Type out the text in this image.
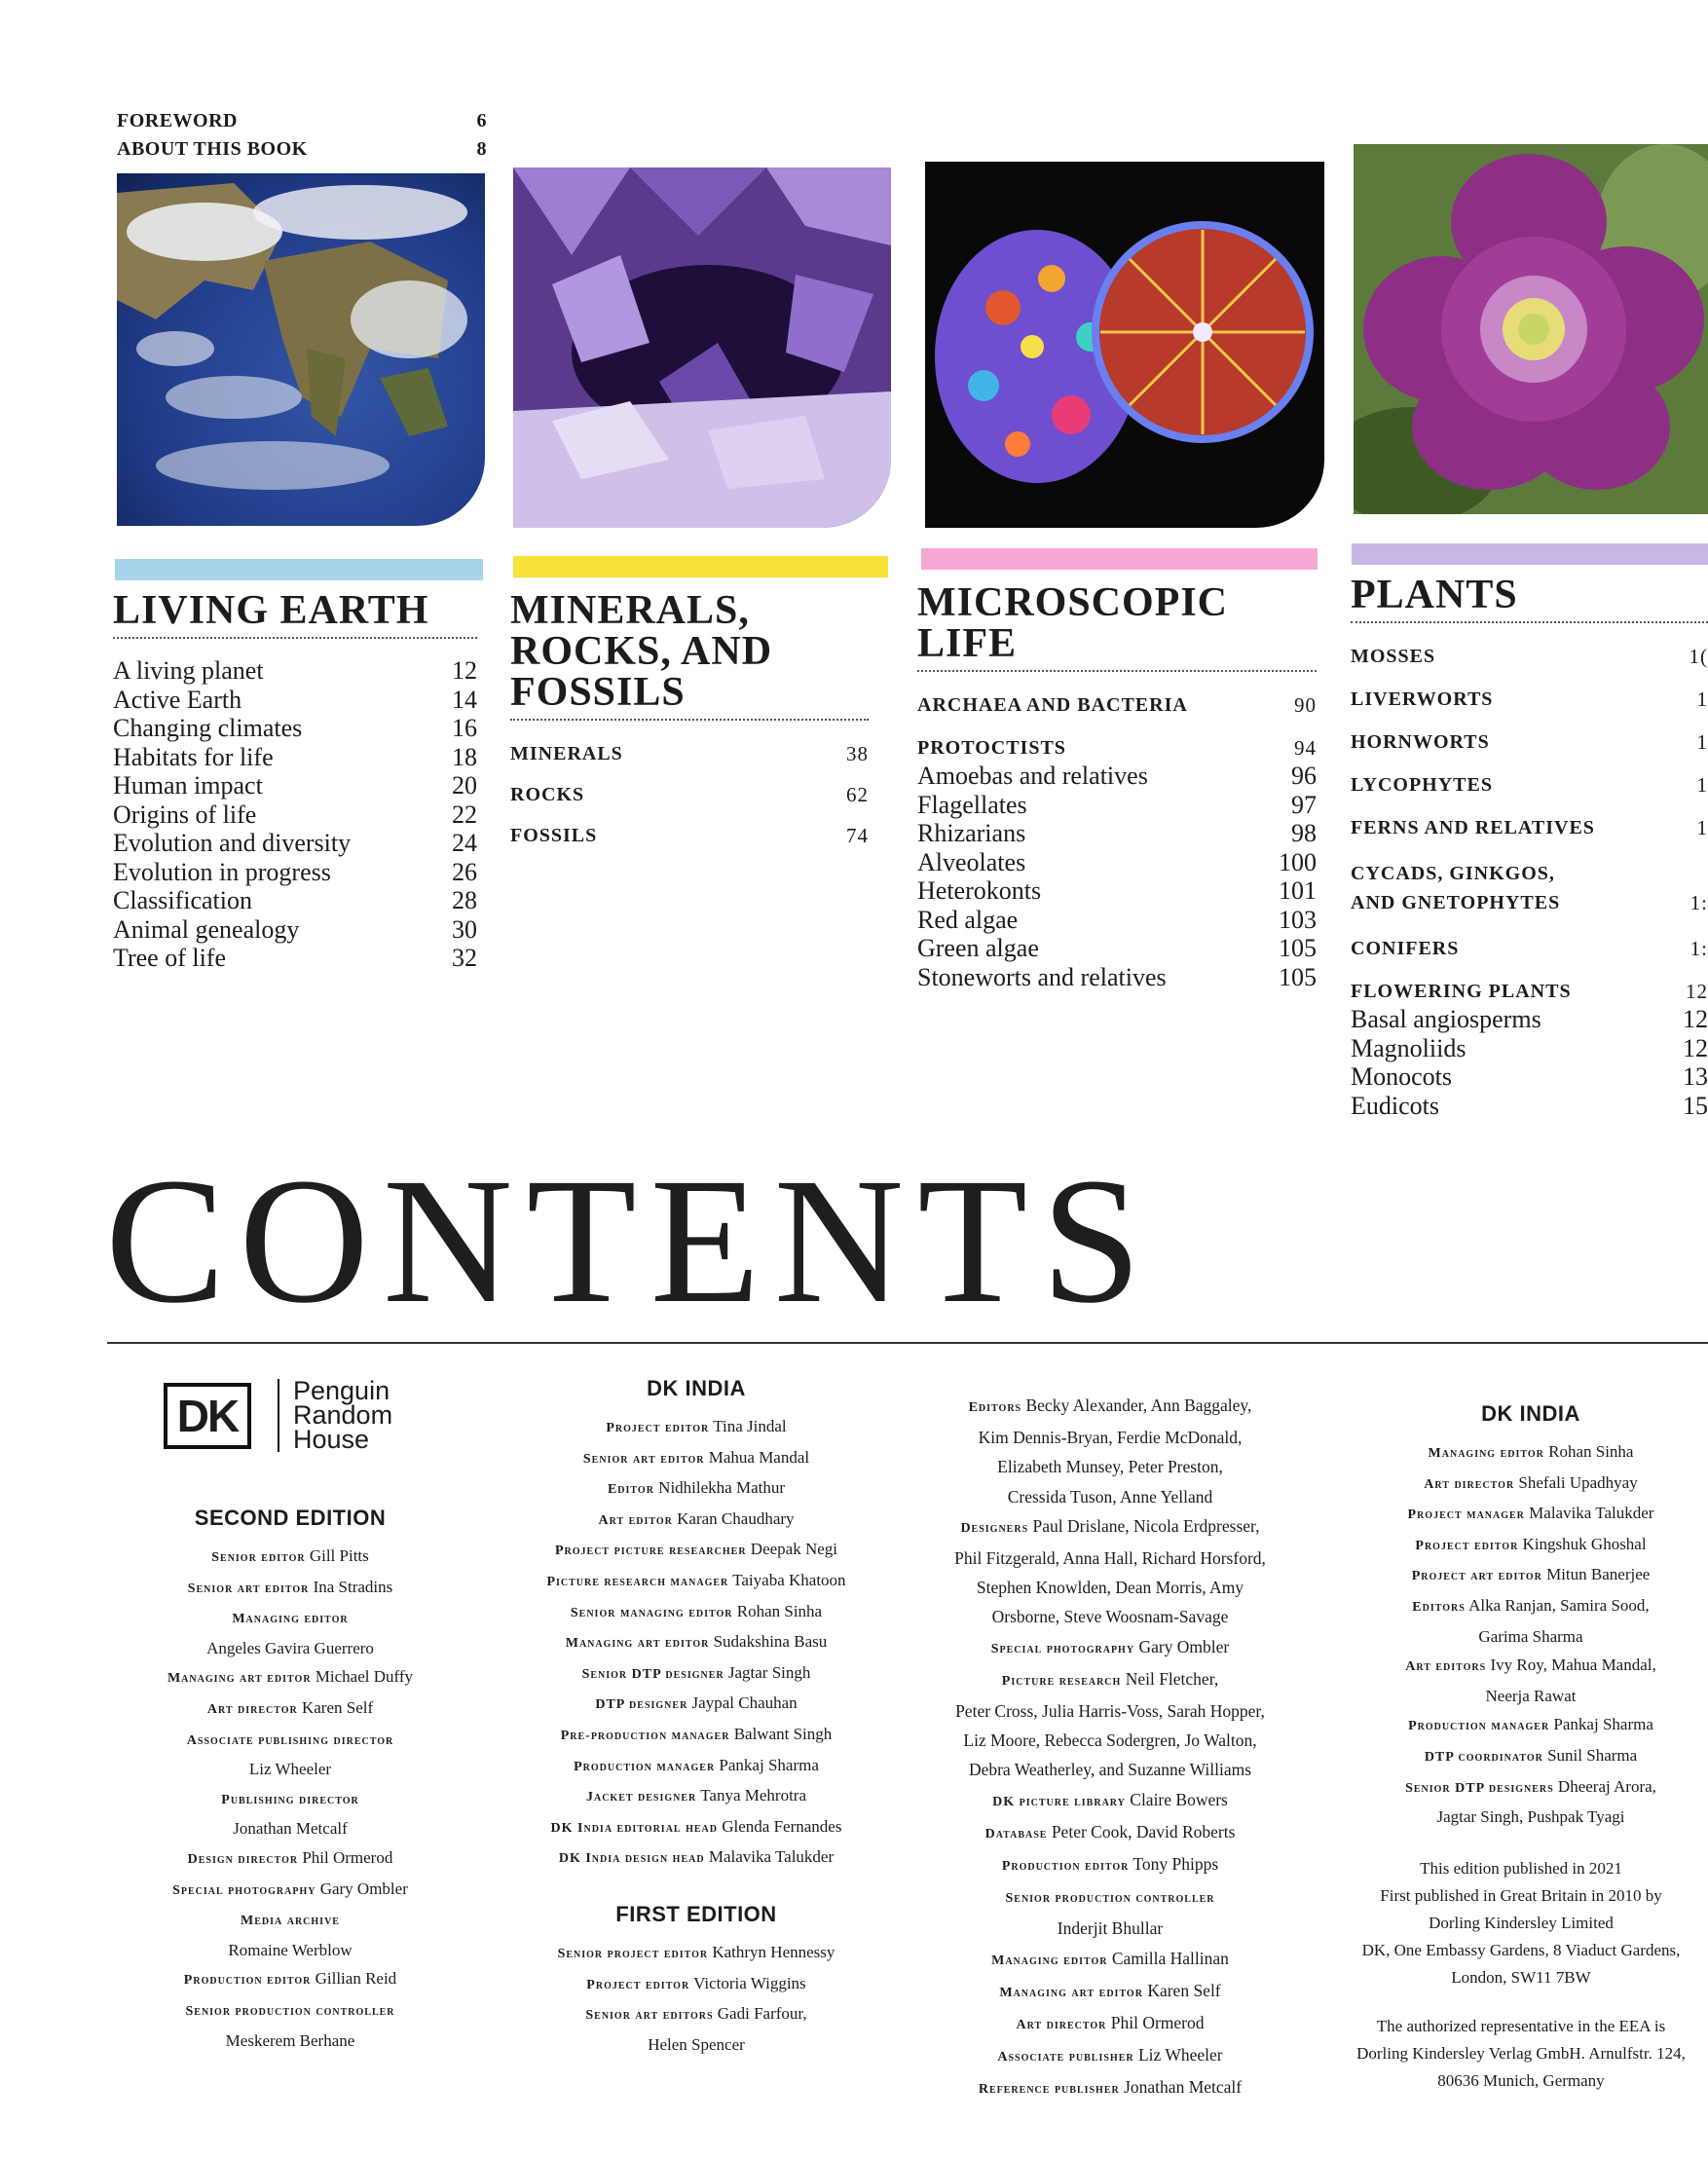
FOREWORD	6
ABOUT THIS BOOK	8
LIVING EARTH
A living planet	12
Active Earth	14
Changing climates	16
Habitats for life	18
Human impact	20
Origins of life	22
Evolution and diversity	24
Evolution in progress	26
Classification	28
Animal genealogy	30
Tree of life	32
MINERALS,
ROCKS, AND
FOSSILS
MINERALS	38
ROCKS	62
FOSSILS	74
MICROSCOPIC
LIFE
ARCHAEA AND BACTERIA	90
PROTOCTISTS	94
Amoebas and relatives	96
Flagellates	97
Rhizarians	98
Alveolates	100
Heterokonts	101
Red algae	103
Green algae	105
Stoneworts and relatives	105
PLANTS
MOSSES	1(
LIVERWORTS	1
HORNWORTS	1
LYCOPHYTES	1
FERNS AND RELATIVES	1
CYCADS, GINKGOS,
AND GNETOPHYTES	1:
CONIFERS	1:
FLOWERING PLANTS	12
Basal angiosperms	12
Magnoliids	12
Monocots	13
Eudicots	15
CONTENTS
DK	Penguin
Random
House
SECOND EDITION
Senior editor Gill Pitts
Senior art editor Ina Stradins
Managing editor
Angeles Gavira Guerrero
Managing art editor Michael Duffy
Art director Karen Self
Associate publishing director
Liz Wheeler
Publishing director
Jonathan Metcalf
Design director Phil Ormerod
Special photography Gary Ombler
Media archive
Romaine Werblow
Production editor Gillian Reid
Senior production controller
Meskerem Berhane
DK INDIA
Project editor Tina Jindal
Senior art editor Mahua Mandal
Editor Nidhilekha Mathur
Art editor Karan Chaudhary
Project picture researcher Deepak Negi
Picture research manager Taiyaba Khatoon
Senior managing editor Rohan Sinha
Managing art editor Sudakshina Basu
Senior DTP designer Jagtar Singh
DTP designer Jaypal Chauhan
Pre-production manager Balwant Singh
Production manager Pankaj Sharma
Jacket designer Tanya Mehrotra
DK India editorial head Glenda Fernandes
DK India design head Malavika Talukder
FIRST EDITION
Senior project editor Kathryn Hennessy
Project editor Victoria Wiggins
Senior art editors Gadi Farfour,
Helen Spencer
Editors Becky Alexander, Ann Baggaley,
Kim Dennis-Bryan, Ferdie McDonald,
Elizabeth Munsey, Peter Preston,
Cressida Tuson, Anne Yelland
Designers Paul Drislane, Nicola Erdpresser,
Phil Fitzgerald, Anna Hall, Richard Horsford,
Stephen Knowlden, Dean Morris, Amy
Orsborne, Steve Woosnam-Savage
Special photography Gary Ombler
Picture research Neil Fletcher,
Peter Cross, Julia Harris-Voss, Sarah Hopper,
Liz Moore, Rebecca Sodergren, Jo Walton,
Debra Weatherley, and Suzanne Williams
DK picture library Claire Bowers
Database Peter Cook, David Roberts
Production editor Tony Phipps
Senior production controller
Inderjit Bhullar
Managing editor Camilla Hallinan
Managing art editor Karen Self
Art director Phil Ormerod
Associate publisher Liz Wheeler
Reference publisher Jonathan Metcalf
DK INDIA
Managing editor Rohan Sinha
Art director Shefali Upadhyay
Project manager Malavika Talukder
Project editor Kingshuk Ghoshal
Project art editor Mitun Banerjee
Editors Alka Ranjan, Samira Sood,
Garima Sharma
Art editors Ivy Roy, Mahua Mandal,
Neerja Rawat
Production manager Pankaj Sharma
DTP coordinator Sunil Sharma
Senior DTP designers Dheeraj Arora,
Jagtar Singh, Pushpak Tyagi
This edition published in 2021
First published in Great Britain in 2010 by
Dorling Kindersley Limited
DK, One Embassy Gardens, 8 Viaduct Gardens,
London, SW11 7BW
The authorized representative in the EEA is
Dorling Kindersley Verlag GmbH. Arnulfstr. 124,
80636 Munich, Germany
